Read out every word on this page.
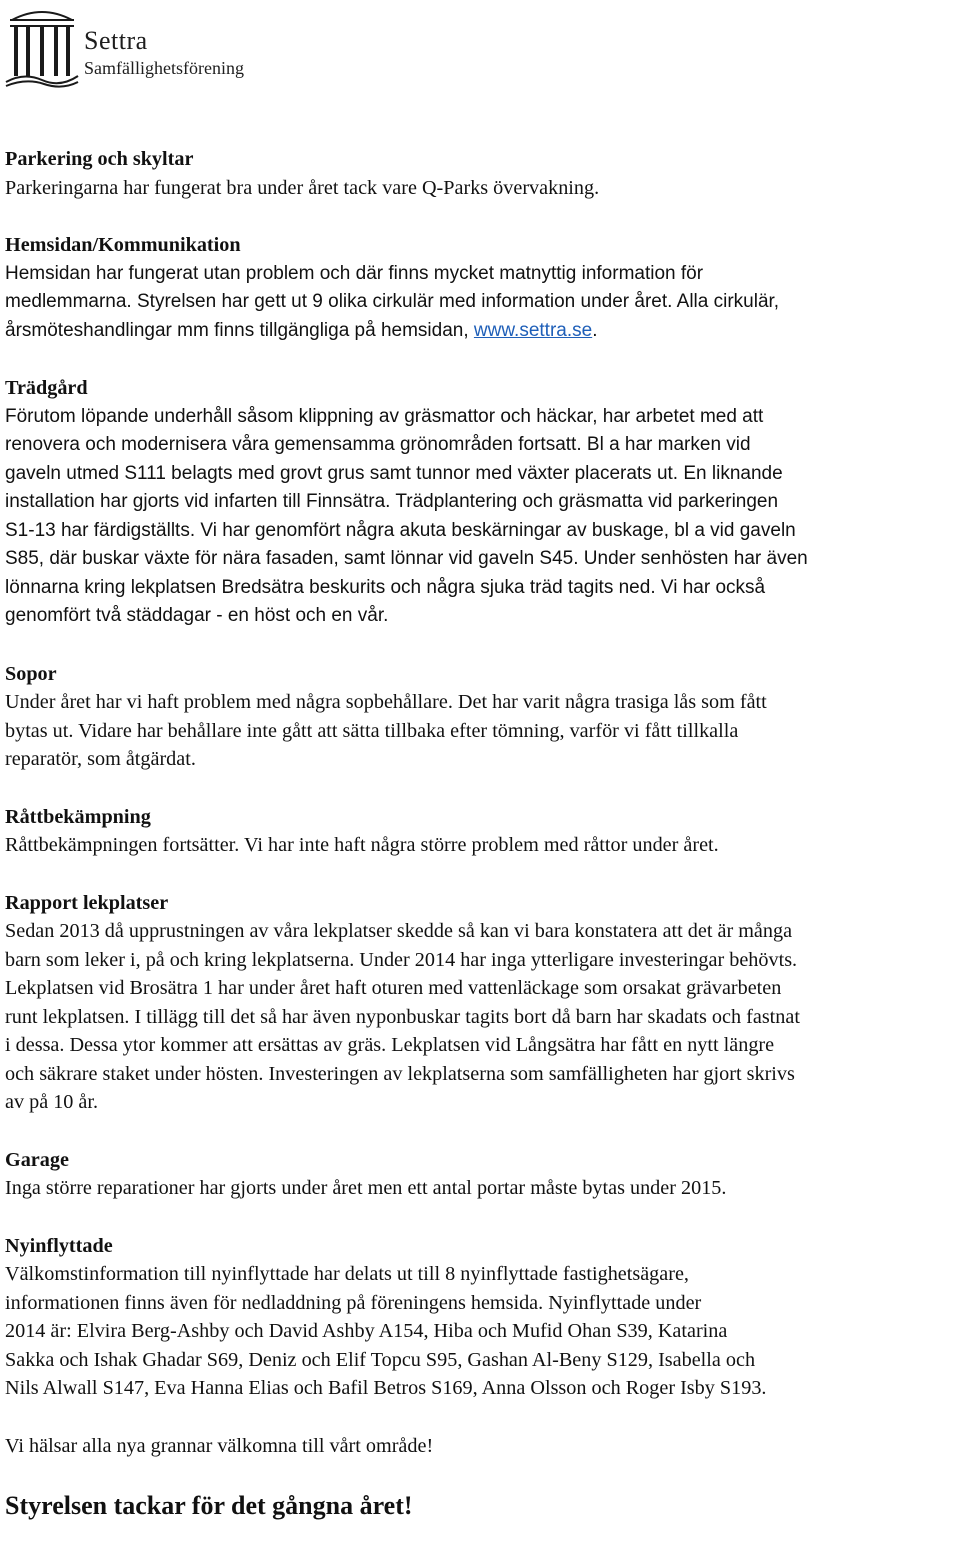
Settra
Samfällighetsförening
Parkering och skyltar
Parkeringarna har fungerat bra under året tack vare Q-Parks övervakning.
Hemsidan/Kommunikation
Hemsidan har fungerat utan problem och där finns mycket matnyttig information för
medlemmarna. Styrelsen har gett ut 9 olika cirkulär med information under året. Alla cirkulär,
årsmöteshandlingar mm finns tillgängliga på hemsidan, www.settra.se.
Trädgård
Förutom löpande underhåll såsom klippning av gräsmattor och häckar, har arbetet med att
renovera och modernisera våra gemensamma grönområden fortsatt. Bl a har marken vid
gaveln utmed S111 belagts med grovt grus samt tunnor med växter placerats ut. En liknande
installation har gjorts vid infarten till Finnsätra. Trädplantering och gräsmatta vid parkeringen
S1-13 har färdigställts. Vi har genomfört några akuta beskärningar av buskage, bl a vid gaveln
S85, där buskar växte för nära fasaden, samt lönnar vid gaveln S45. Under senhösten har även
lönnarna kring lekplatsen Bredsätra beskurits och några sjuka träd tagits ned. Vi har också
genomfört två städdagar - en höst och en vår.
Sopor
Under året har vi haft problem med några sopbehållare. Det har varit några trasiga lås som fått
bytas ut. Vidare har behållare inte gått att sätta tillbaka efter tömning, varför vi fått tillkalla
reparatör, som åtgärdat.
Råttbekämpning
Råttbekämpningen fortsätter. Vi har inte haft några större problem med råttor under året.
Rapport lekplatser
Sedan 2013 då upprustningen av våra lekplatser skedde så kan vi bara konstatera att det är många
barn som leker i, på och kring lekplatserna. Under 2014 har inga ytterligare investeringar behövts.
Lekplatsen vid Brosätra 1 har under året haft oturen med vattenläckage som orsakat grävarbeten
runt lekplatsen. I tillägg till det så har även nyponbuskar tagits bort då barn har skadats och fastnat
i dessa. Dessa ytor kommer att ersättas av gräs. Lekplatsen vid Långsätra har fått en nytt längre
och säkrare staket under hösten. Investeringen av lekplatserna som samfälligheten har gjort skrivs
av på 10 år.
Garage
Inga större reparationer har gjorts under året men ett antal portar måste bytas under 2015.
Nyinflyttade
Välkomstinformation till nyinflyttade har delats ut till 8 nyinflyttade fastighetsägare,
informationen finns även för nedladdning på föreningens hemsida. Nyinflyttade under
2014 är: Elvira Berg-Ashby och David Ashby A154, Hiba och Mufid Ohan S39, Katarina
Sakka och Ishak Ghadar S69, Deniz och Elif Topcu S95, Gashan Al-Beny S129, Isabella och
Nils Alwall S147, Eva Hanna Elias och Bafil Betros S169, Anna Olsson och Roger Isby S193.
Vi hälsar alla nya grannar välkomna till vårt område!
Styrelsen tackar för det gångna året!
